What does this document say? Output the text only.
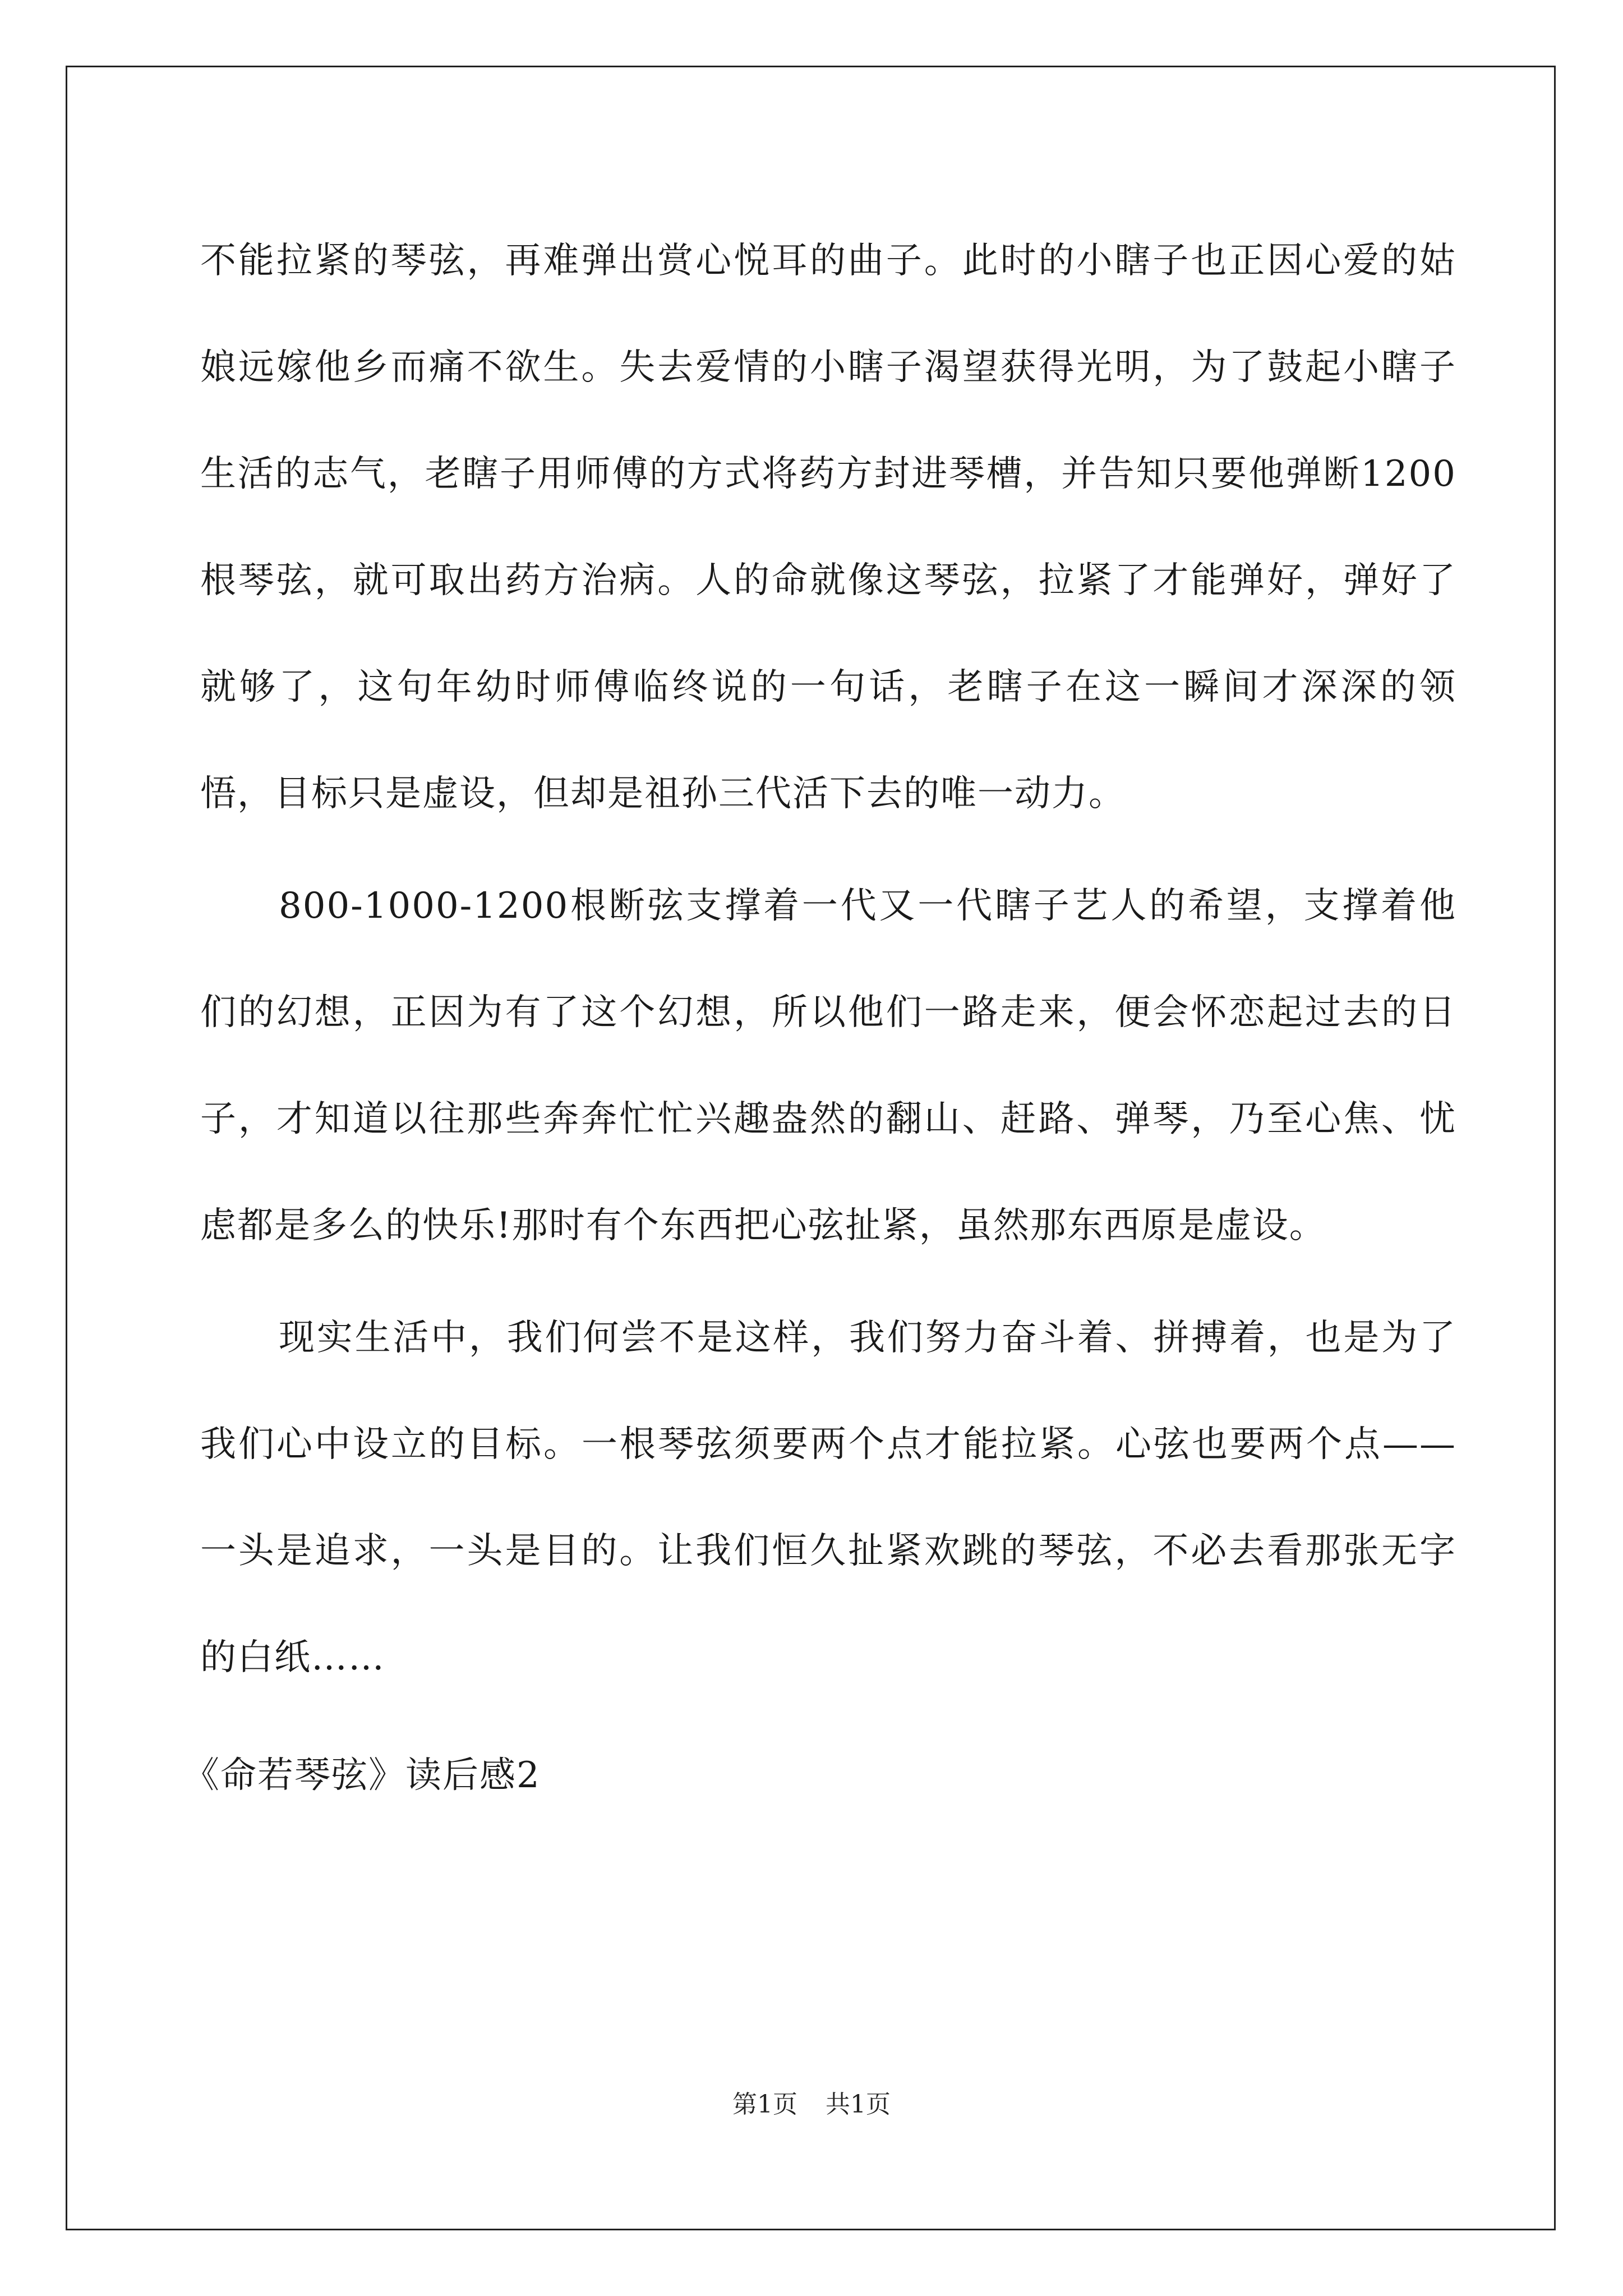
不能拉紧的琴弦，再难弹出赏心悦耳的曲子。此时的小瞎子也正因心爱的姑娘远嫁他乡而痛不欲生。失去爱情的小瞎子渴望获得光明，为了鼓起小瞎子生活的志气，老瞎子用师傅的方式将药方封进琴槽，并告知只要他弹断1200根琴弦，就可取出药方治病。人的命就像这琴弦，拉紧了才能弹好，弹好了就够了，这句年幼时师傅临终说的一句话，老瞎子在这一瞬间才深深的领悟，目标只是虚设，但却是祖孙三代活下去的唯一动力。

800-1000-1200根断弦支撑着一代又一代瞎子艺人的希望，支撑着他们的幻想，正因为有了这个幻想，所以他们一路走来，便会怀恋起过去的日子，才知道以往那些奔奔忙忙兴趣盎然的翻山、赶路、弹琴，乃至心焦、忧虑都是多么的快乐!那时有个东西把心弦扯紧，虽然那东西原是虚设。

现实生活中，我们何尝不是这样，我们努力奋斗着、拼搏着，也是为了我们心中设立的目标。一根琴弦须要两个点才能拉紧。心弦也要两个点——一头是追求，一头是目的。让我们恒久扯紧欢跳的琴弦，不必去看那张无字的白纸……

《命若琴弦》读后感2

第1页 共1页
